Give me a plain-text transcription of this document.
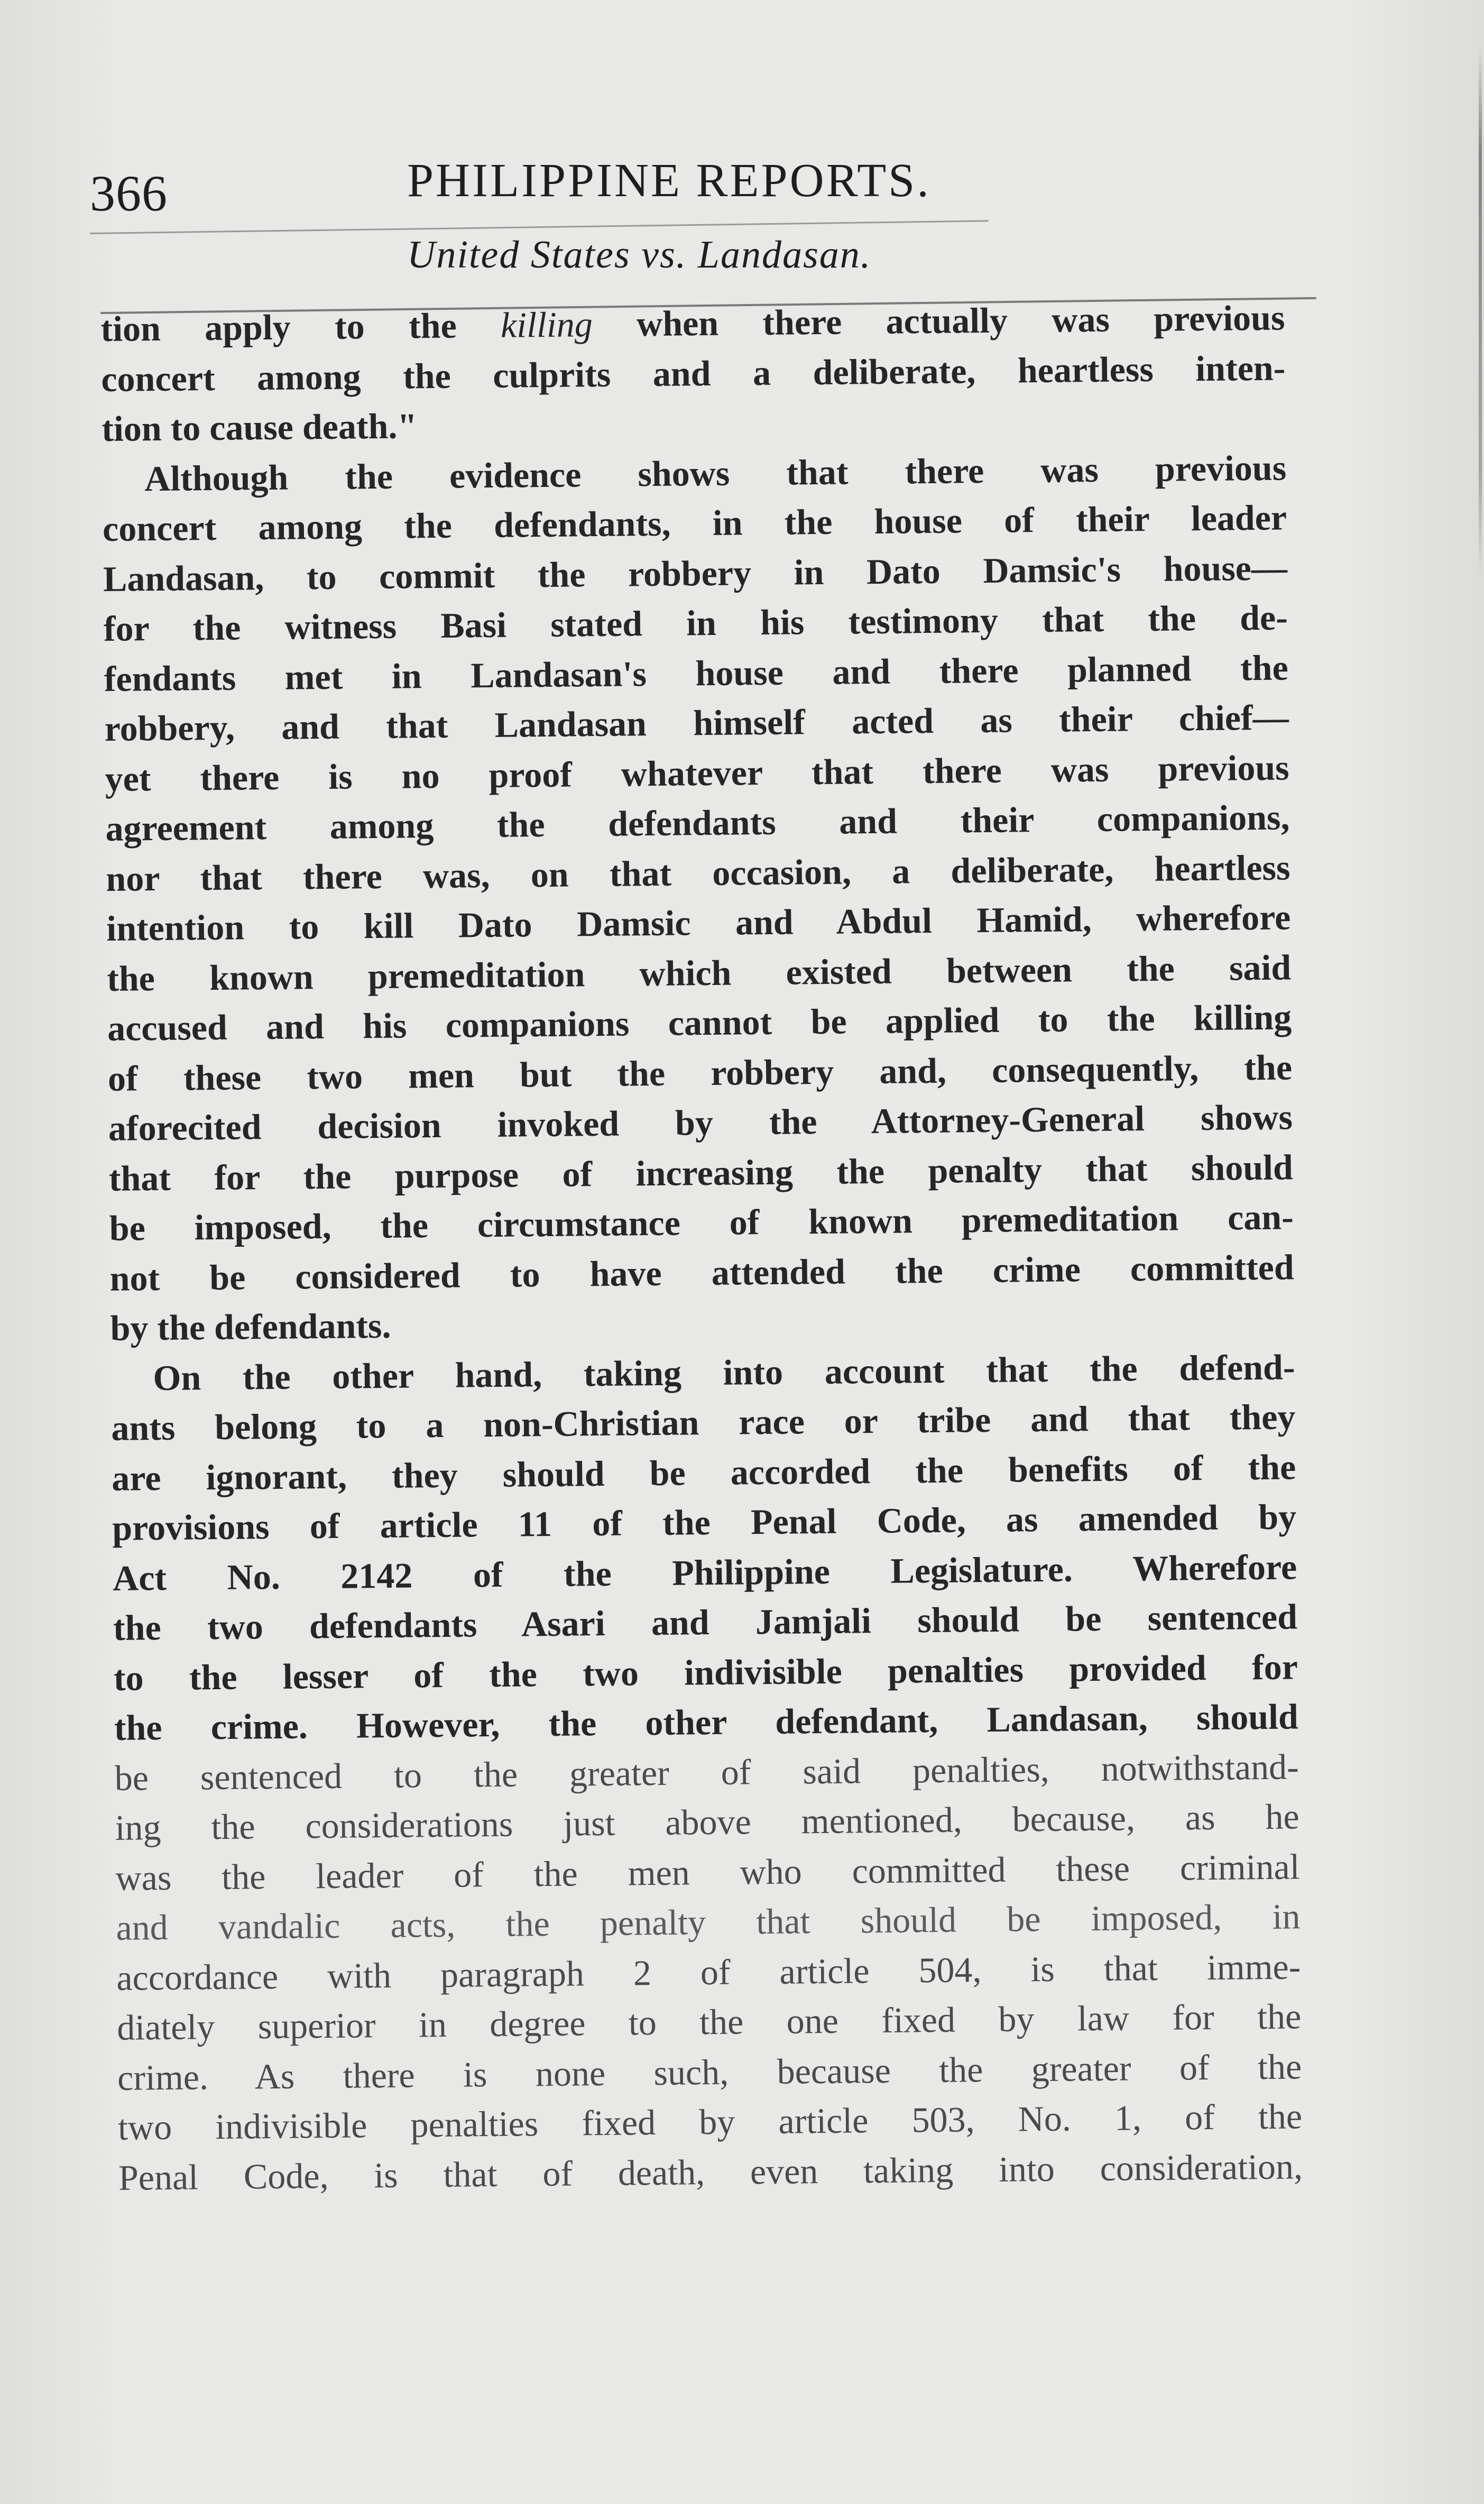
366	PHILIPPINE REPORTS.
United States vs. Landasan.
tion apply to the killing when there actually was previous
concert among the culprits and a deliberate, heartless inten-
tion to cause death."
Although the evidence shows that there was previous
concert among the defendants, in the house of their leader
Landasan, to commit the robbery in Dato Damsic's house—
for the witness Basi stated in his testimony that the de-
fendants met in Landasan's house and there planned the
robbery, and that Landasan himself acted as their chief—
yet there is no proof whatever that there was previous
agreement among the defendants and their companions,
nor that there was, on that occasion, a deliberate, heartless
intention to kill Dato Damsic and Abdul Hamid, wherefore
the known premeditation which existed between the said
accused and his companions cannot be applied to the killing
of these two men but the robbery and, consequently, the
aforecited decision invoked by the Attorney-General shows
that for the purpose of increasing the penalty that should
be imposed, the circumstance of known premeditation can-
not be considered to have attended the crime committed
by the defendants.
On the other hand, taking into account that the defend-
ants belong to a non-Christian race or tribe and that they
are ignorant, they should be accorded the benefits of the
provisions of article 11 of the Penal Code, as amended by
Act No. 2142 of the Philippine Legislature. Wherefore
the two defendants Asari and Jamjali should be sentenced
to the lesser of the two indivisible penalties provided for
the crime. However, the other defendant, Landasan, should
be sentenced to the greater of said penalties, notwithstand-
ing the considerations just above mentioned, because, as he
was the leader of the men who committed these criminal
and vandalic acts, the penalty that should be imposed, in
accordance with paragraph 2 of article 504, is that imme-
diately superior in degree to the one fixed by law for the
crime. As there is none such, because the greater of the
two indivisible penalties fixed by article 503, No. 1, of the
Penal Code, is that of death, even taking into consideration,
